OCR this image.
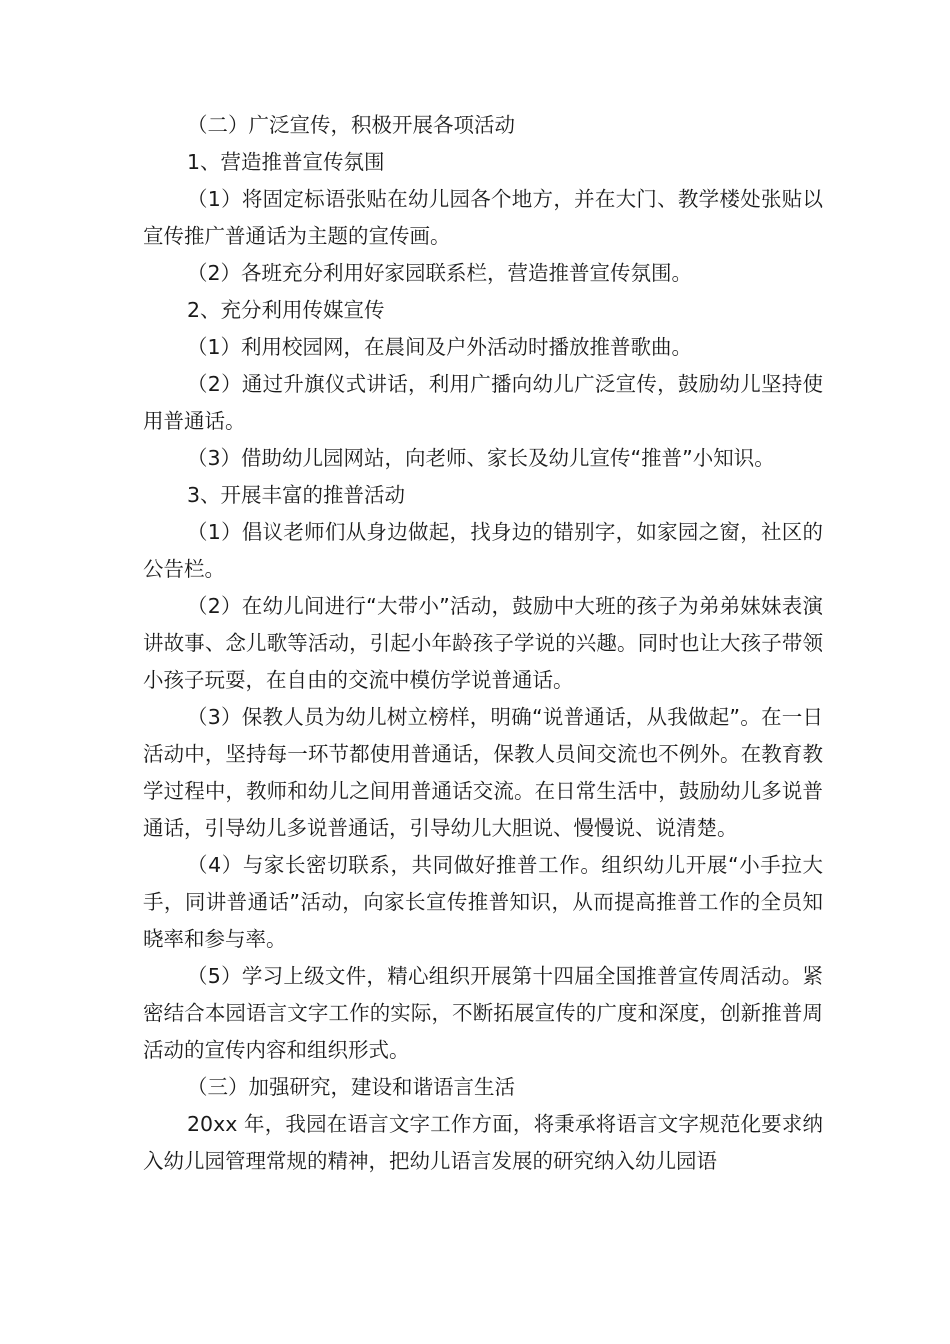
（二）广泛宣传，积极开展各项活动

1、营造推普宣传氛围

（1）将固定标语张贴在幼儿园各个地方，并在大门、教学楼处张贴以宣传推广普通话为主题的宣传画。

（2）各班充分利用好家园联系栏，营造推普宣传氛围。

2、充分利用传媒宣传

（1）利用校园网，在晨间及户外活动时播放推普歌曲。

（2）通过升旗仪式讲话，利用广播向幼儿广泛宣传，鼓励幼儿坚持使用普通话。

（3）借助幼儿园网站，向老师、家长及幼儿宣传“推普”小知识。

3、开展丰富的推普活动

（1）倡议老师们从身边做起，找身边的错别字，如家园之窗，社区的公告栏。

（2）在幼儿间进行“大带小”活动，鼓励中大班的孩子为弟弟妹妹表演讲故事、念儿歌等活动，引起小年龄孩子学说的兴趣。同时也让大孩子带领小孩子玩耍，在自由的交流中模仿学说普通话。

（3）保教人员为幼儿树立榜样，明确“说普通话，从我做起”。在一日活动中，坚持每一环节都使用普通话，保教人员间交流也不例外。在教育教学过程中，教师和幼儿之间用普通话交流。在日常生活中，鼓励幼儿多说普通话，引导幼儿多说普通话，引导幼儿大胆说、慢慢说、说清楚。

（4）与家长密切联系，共同做好推普工作。组织幼儿开展“小手拉大手，同讲普通话”活动，向家长宣传推普知识，从而提高推普工作的全员知晓率和参与率。

（5）学习上级文件，精心组织开展第十四届全国推普宣传周活动。紧密结合本园语言文字工作的实际，不断拓展宣传的广度和深度，创新推普周活动的宣传内容和组织形式。

（三）加强研究，建设和谐语言生活

20xx 年，我园在语言文字工作方面，将秉承将语言文字规范化要求纳入幼儿园管理常规的精神，把幼儿语言发展的研究纳入幼儿园语
